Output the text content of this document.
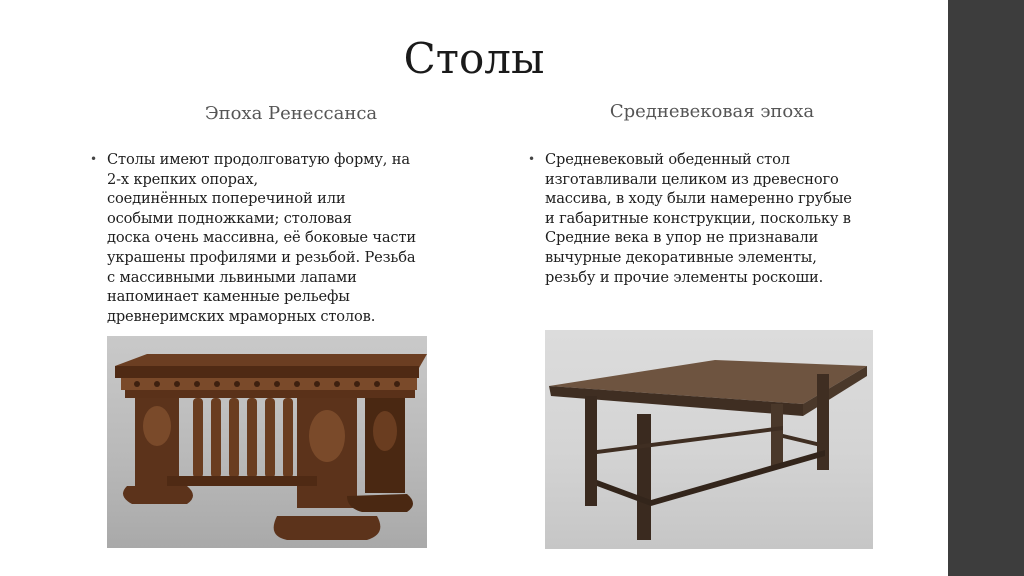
Столы
Эпоха Ренессанса	Средневековая эпоха
• Столы имеют продолговатую форму, на
2-х крепких опорах,
соединённых поперечиной или
особыми подножками; столовая
доска очень массивна, её боковые части
украшены профилями и резьбой. Резьба
с массивными львиными лапами
напоминает каменные рельефы
древнеримских мраморных столов.
• Средневековый обеденный стол
изготавливали целиком из древесного
массива, в ходу были намеренно грубые
и габаритные конструкции, поскольку в
Средние века в упор не признавали
вычурные декоративные элементы,
резьбу и прочие элементы роскоши.
